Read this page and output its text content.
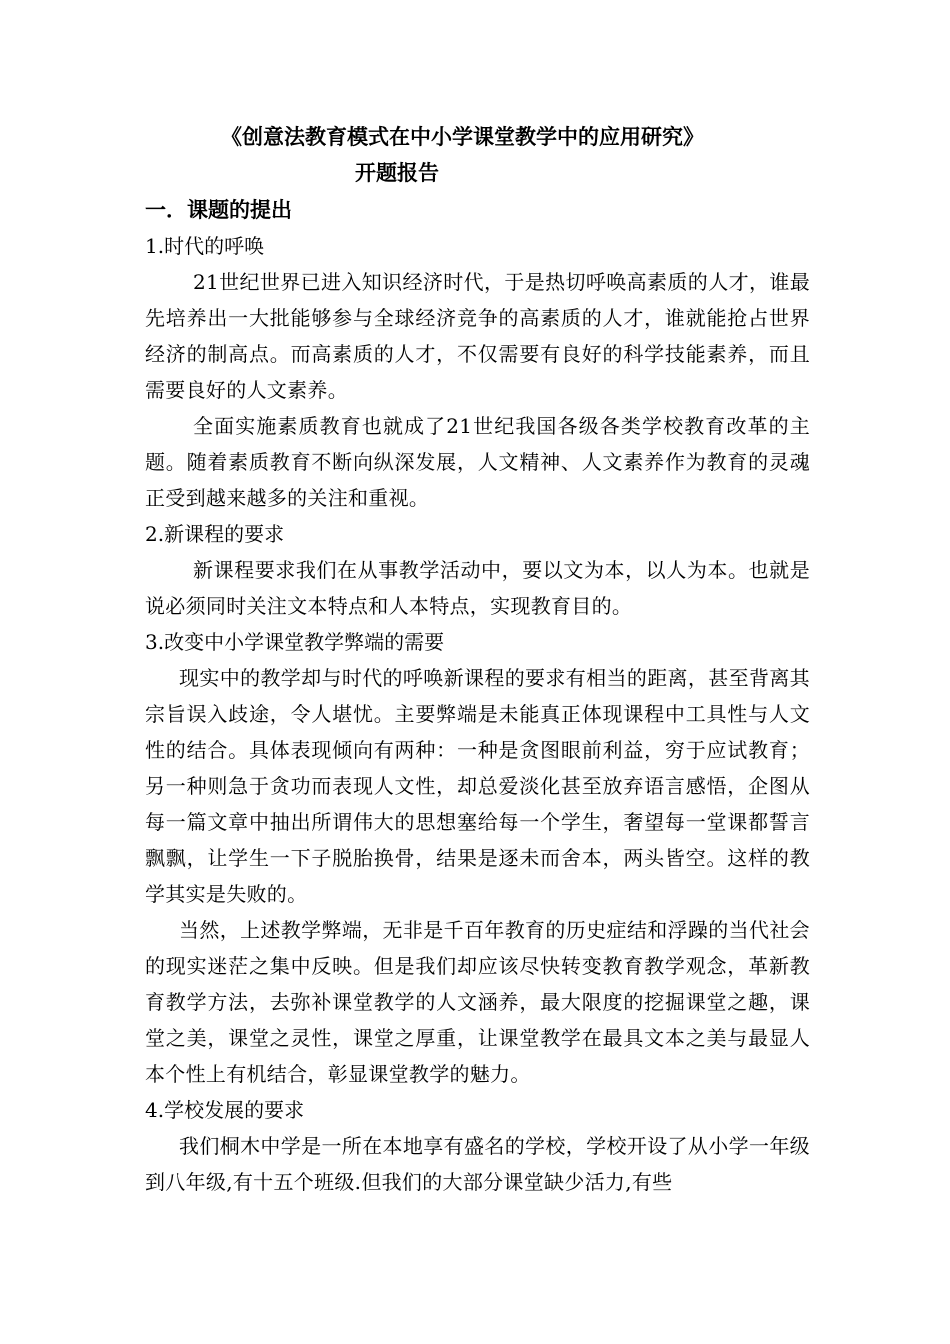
《创意法教育模式在中小学课堂教学中的应用研究》
开题报告
一．课题的提出
1.时代的呼唤

21世纪世界已进入知识经济时代，于是热切呼唤高素质的人才，谁最先培养出一大批能够参与全球经济竞争的高素质的人才，谁就能抢占世界经济的制高点。而高素质的人才，不仅需要有良好的科学技能素养，而且需要良好的人文素养。

全面实施素质教育也就成了21世纪我国各级各类学校教育改革的主题。随着素质教育不断向纵深发展，人文精神、人文素养作为教育的灵魂正受到越来越多的关注和重视。

2.新课程的要求

新课程要求我们在从事教学活动中，要以文为本，以人为本。也就是说必须同时关注文本特点和人本特点，实现教育目的。

3.改变中小学课堂教学弊端的需要

现实中的教学却与时代的呼唤新课程的要求有相当的距离，甚至背离其宗旨误入歧途，令人堪忧。主要弊端是未能真正体现课程中工具性与人文性的结合。具体表现倾向有两种：一种是贪图眼前利益，穷于应试教育；另一种则急于贪功而表现人文性，却总爱淡化甚至放弃语言感悟，企图从每一篇文章中抽出所谓伟大的思想塞给每一个学生，奢望每一堂课都誓言飘飘，让学生一下子脱胎换骨，结果是逐未而舍本，两头皆空。这样的教学其实是失败的。

当然，上述教学弊端，无非是千百年教育的历史症结和浮躁的当代社会的现实迷茫之集中反映。但是我们却应该尽快转变教育教学观念，革新教育教学方法，去弥补课堂教学的人文涵养，最大限度的挖掘课堂之趣，课堂之美，课堂之灵性，课堂之厚重，让课堂教学在最具文本之美与最显人本个性上有机结合，彰显课堂教学的魅力。

4.学校发展的要求

我们桐木中学是一所在本地享有盛名的学校，学校开设了从小学一年级到八年级,有十五个班级.但我们的大部分课堂缺少活力,有些
